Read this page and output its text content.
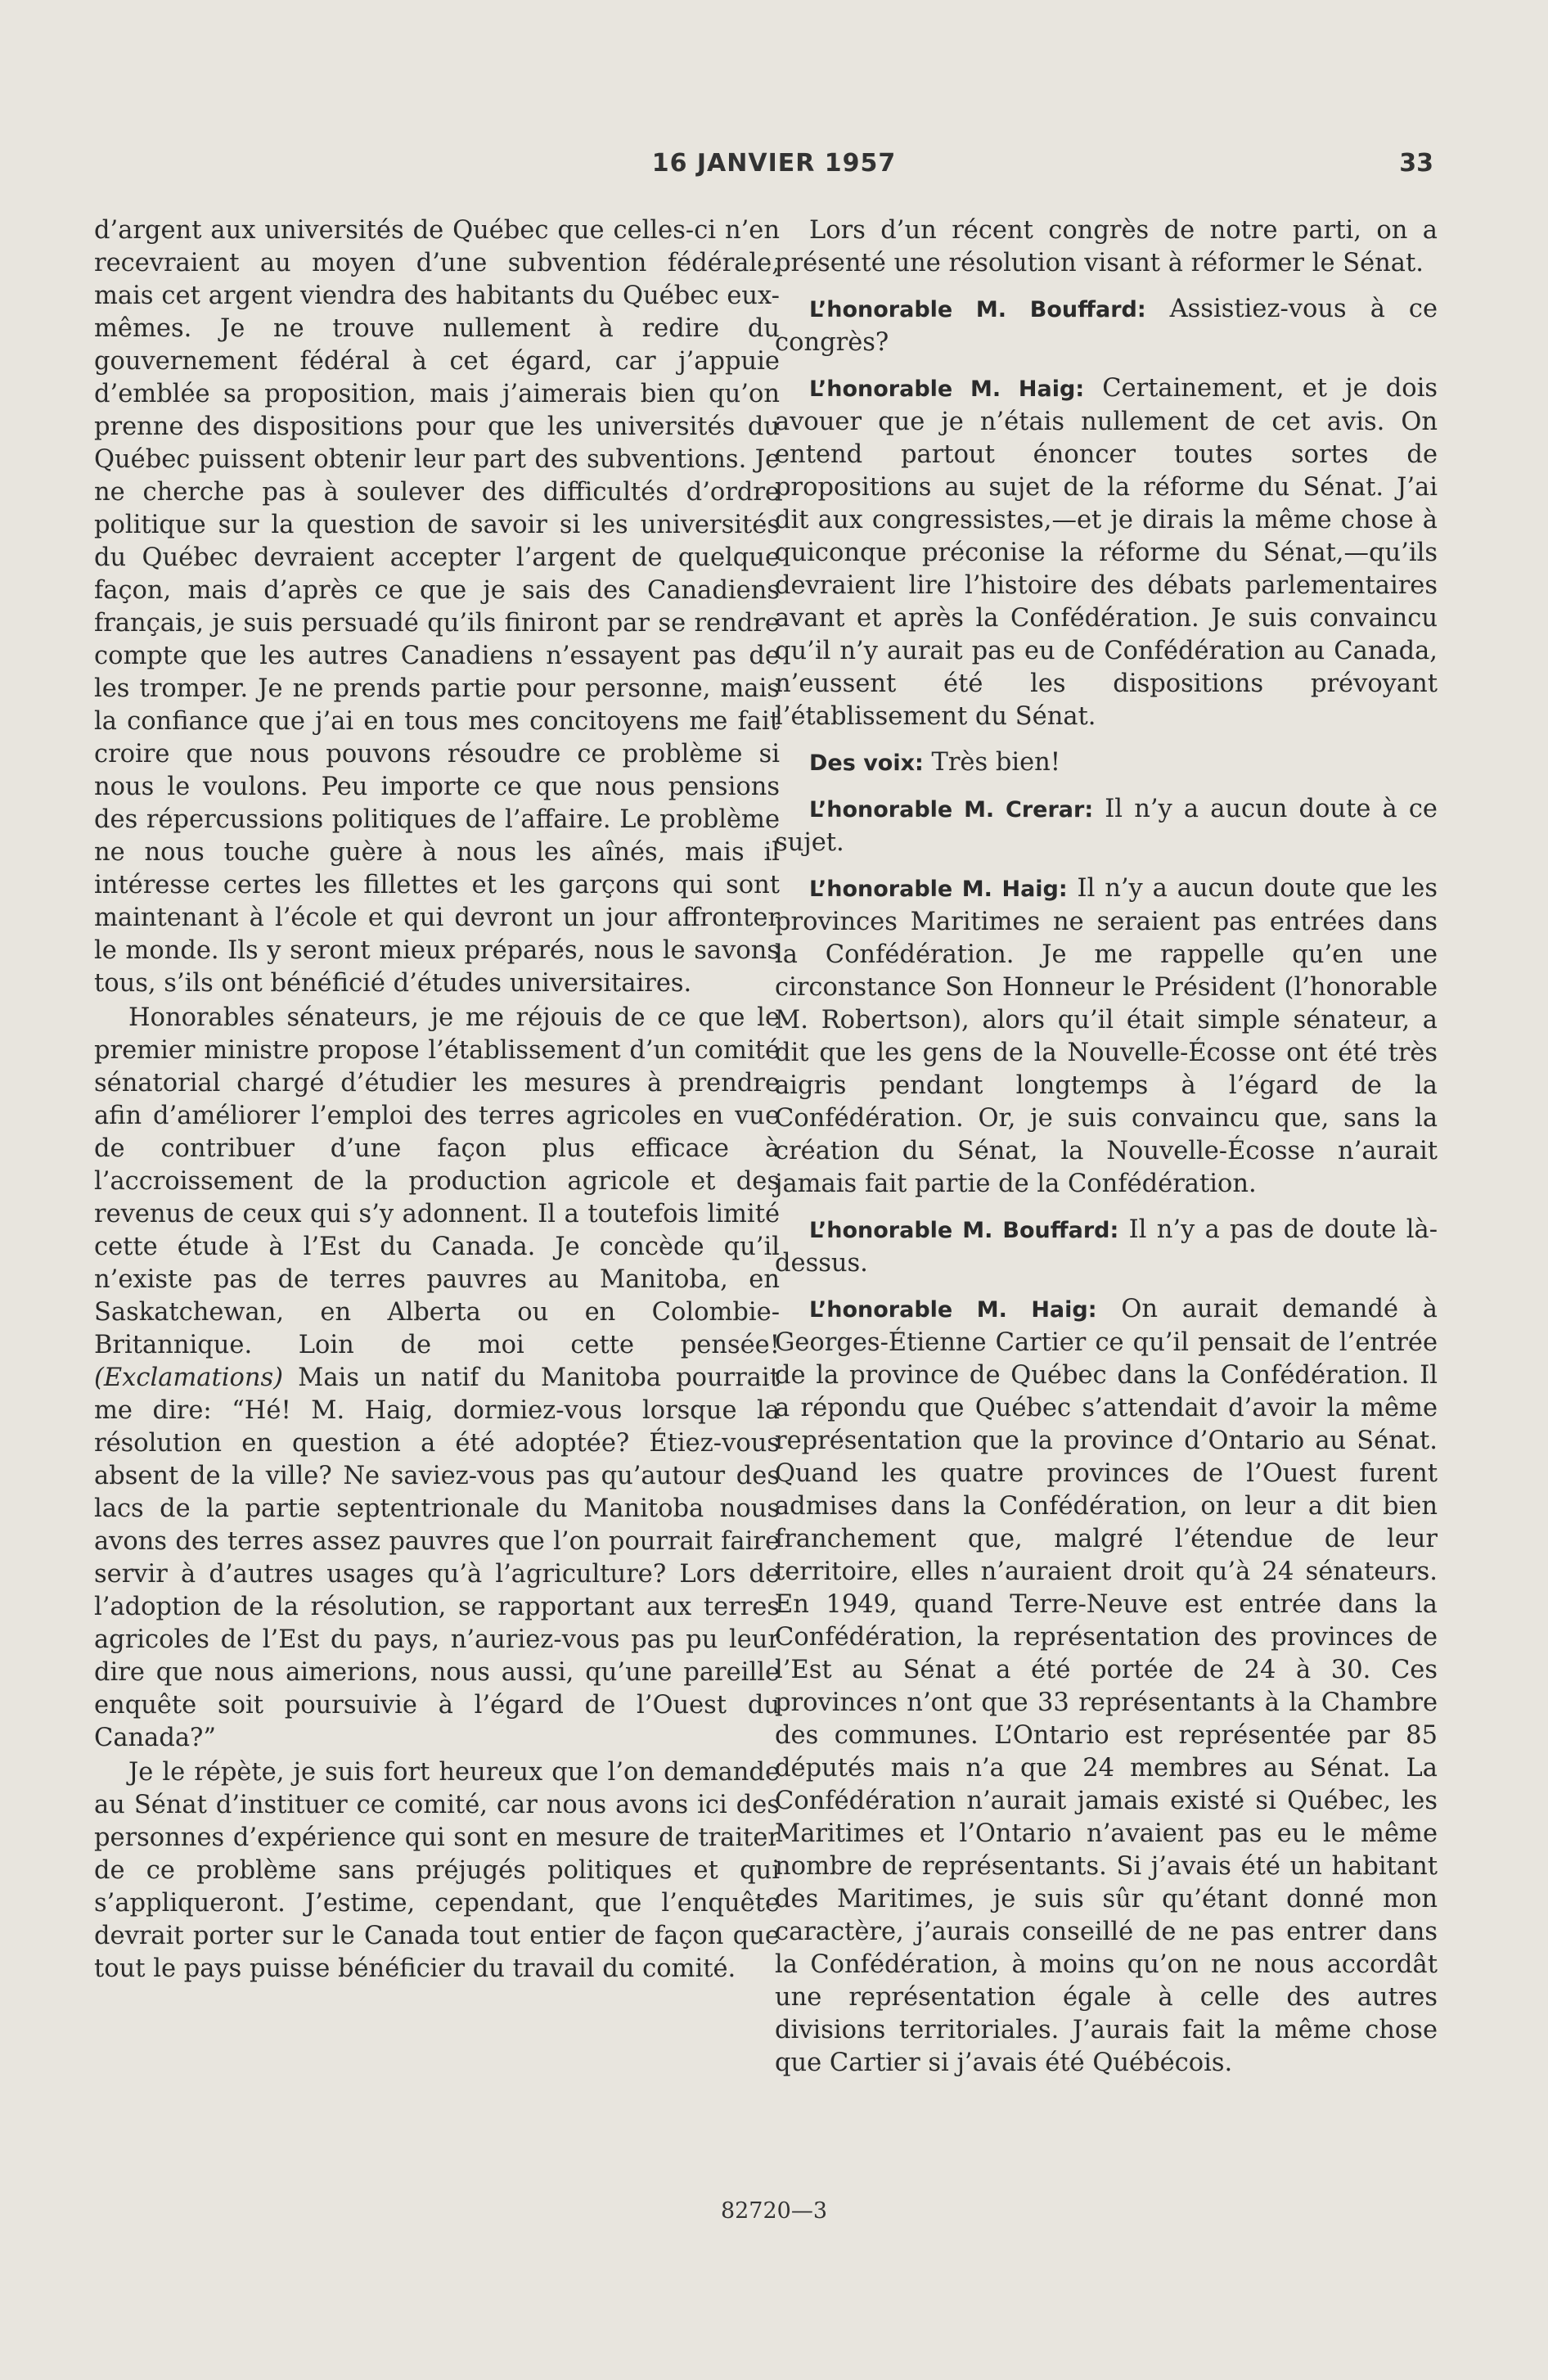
16 JANVIER 1957	33

d’argent aux universités de Québec que celles-ci n’en recevraient au moyen d’une subvention fédérale, mais cet argent viendra des habitants du Québec eux-mêmes. Je ne trouve nullement à redire du gouvernement fédéral à cet égard, car j’appuie d’emblée sa proposition, mais j’aimerais bien qu’on prenne des dispositions pour que les universités du Québec puissent obtenir leur part des subventions. Je ne cherche pas à soulever des difficultés d’ordre politique sur la question de savoir si les universités du Québec devraient accepter l’argent de quelque façon, mais d’après ce que je sais des Canadiens français, je suis persuadé qu’ils finiront par se rendre compte que les autres Canadiens n’essayent pas de les tromper. Je ne prends partie pour personne, mais la confiance que j’ai en tous mes concitoyens me fait croire que nous pouvons résoudre ce problème si nous le voulons. Peu importe ce que nous pensions des répercussions politiques de l’affaire. Le problème ne nous touche guère à nous les aînés, mais il intéresse certes les fillettes et les garçons qui sont maintenant à l’école et qui devront un jour affronter le monde. Ils y seront mieux préparés, nous le savons tous, s’ils ont bénéficié d’études universitaires.

Honorables sénateurs, je me réjouis de ce que le premier ministre propose l’établissement d’un comité sénatorial chargé d’étudier les mesures à prendre afin d’améliorer l’emploi des terres agricoles en vue de contribuer d’une façon plus efficace à l’accroissement de la production agricole et des revenus de ceux qui s’y adonnent. Il a toutefois limité cette étude à l’Est du Canada. Je concède qu’il n’existe pas de terres pauvres au Manitoba, en Saskatchewan, en Alberta ou en Colombie-Britannique. Loin de moi cette pensée! (Exclamations) Mais un natif du Manitoba pourrait me dire: “Hé! M. Haig, dormiez-vous lorsque la résolution en question a été adoptée? Étiez-vous absent de la ville? Ne saviez-vous pas qu’autour des lacs de la partie septentrionale du Manitoba nous avons des terres assez pauvres que l’on pourrait faire servir à d’autres usages qu’à l’agriculture? Lors de l’adoption de la résolution, se rapportant aux terres agricoles de l’Est du pays, n’auriez-vous pas pu leur dire que nous aimerions, nous aussi, qu’une pareille enquête soit poursuivie à l’égard de l’Ouest du Canada?”

Je le répète, je suis fort heureux que l’on demande au Sénat d’instituer ce comité, car nous avons ici des personnes d’expérience qui sont en mesure de traiter de ce problème sans préjugés politiques et qui s’appliqueront. J’estime, cependant, que l’enquête devrait porter sur le Canada tout entier de façon que tout le pays puisse bénéficier du travail du comité.

Lors d’un récent congrès de notre parti, on a présenté une résolution visant à réformer le Sénat.

L’honorable M. Bouffard: Assistiez-vous à ce congrès?

L’honorable M. Haig: Certainement, et je dois avouer que je n’étais nullement de cet avis. On entend partout énoncer toutes sortes de propositions au sujet de la réforme du Sénat. J’ai dit aux congressistes,—et je dirais la même chose à quiconque préconise la réforme du Sénat,—qu’ils devraient lire l’histoire des débats parlementaires avant et après la Confédération. Je suis convaincu qu’il n’y aurait pas eu de Confédération au Canada, n’eussent été les dispositions prévoyant l’établissement du Sénat.

Des voix: Très bien!

L’honorable M. Crerar: Il n’y a aucun doute à ce sujet.

L’honorable M. Haig: Il n’y a aucun doute que les provinces Maritimes ne seraient pas entrées dans la Confédération. Je me rappelle qu’en une circonstance Son Honneur le Président (l’honorable M. Robertson), alors qu’il était simple sénateur, a dit que les gens de la Nouvelle-Écosse ont été très aigris pendant longtemps à l’égard de la Confédération. Or, je suis convaincu que, sans la création du Sénat, la Nouvelle-Écosse n’aurait jamais fait partie de la Confédération.

L’honorable M. Bouffard: Il n’y a pas de doute là-dessus.

L’honorable M. Haig: On aurait demandé à Georges-Étienne Cartier ce qu’il pensait de l’entrée de la province de Québec dans la Confédération. Il a répondu que Québec s’attendait d’avoir la même représentation que la province d’Ontario au Sénat. Quand les quatre provinces de l’Ouest furent admises dans la Confédération, on leur a dit bien franchement que, malgré l’étendue de leur territoire, elles n’auraient droit qu’à 24 sénateurs. En 1949, quand Terre-Neuve est entrée dans la Confédération, la représentation des provinces de l’Est au Sénat a été portée de 24 à 30. Ces provinces n’ont que 33 représentants à la Chambre des communes. L’Ontario est représentée par 85 députés mais n’a que 24 membres au Sénat. La Confédération n’aurait jamais existé si Québec, les Maritimes et l’Ontario n’avaient pas eu le même nombre de représentants. Si j’avais été un habitant des Maritimes, je suis sûr qu’étant donné mon caractère, j’aurais conseillé de ne pas entrer dans la Confédération, à moins qu’on ne nous accordât une représentation égale à celle des autres divisions territoriales. J’aurais fait la même chose que Cartier si j’avais été Québécois.

82720—3
